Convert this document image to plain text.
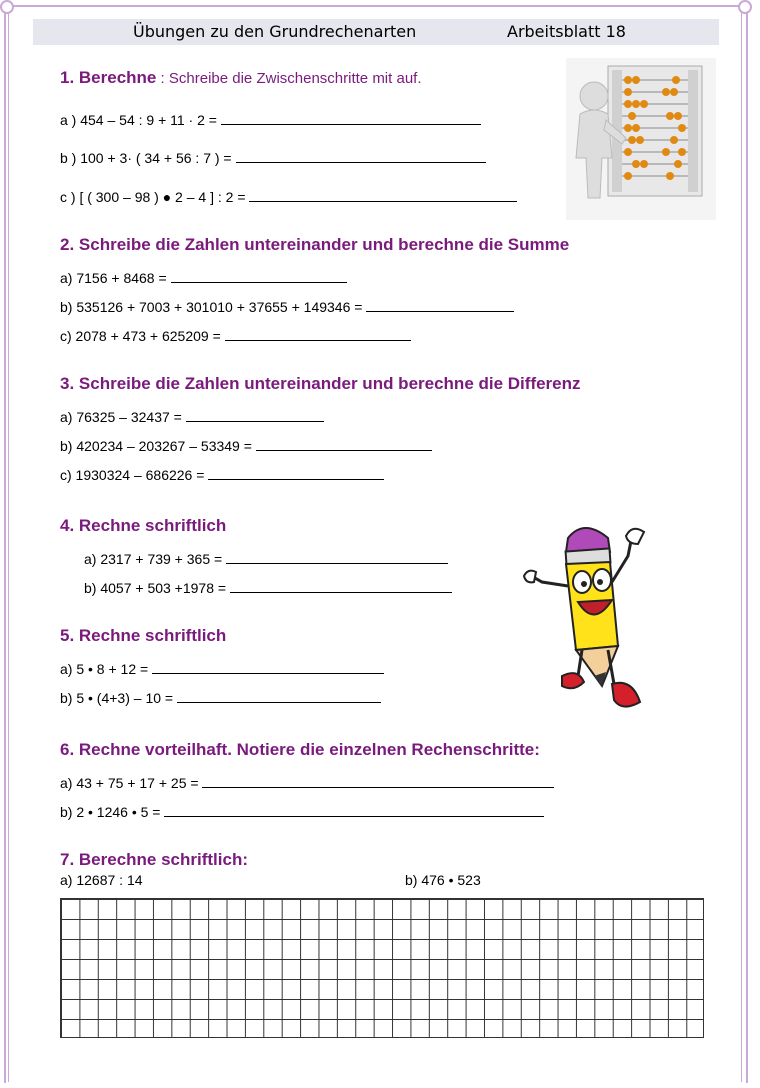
Übungen zu den Grundrechenarten	Arbeitsblatt 18
1. Berechne : Schreibe die Zwischenschritte mit auf.
a ) 454 – 54 : 9 + 11 · 2 =
b ) 100 + 3· ( 34 + 56 : 7 ) =
c ) [ ( 300 – 98 ) ● 2 – 4 ] : 2 =
2. Schreibe die Zahlen untereinander und berechne die Summe
a) 7156 + 8468 =
b) 535126 + 7003 + 301010 + 37655 + 149346 =
c) 2078 + 473 + 625209 =
3. Schreibe die Zahlen untereinander und berechne die Differenz
a) 76325 – 32437 =
b) 420234 – 203267 – 53349 =
c) 1930324 – 686226 =
4. Rechne schriftlich
a) 2317 + 739 + 365 =
b) 4057 + 503 +1978 =
5. Rechne schriftlich
a) 5 • 8 + 12 =
b) 5 • (4+3) – 10 =
6. Rechne vorteilhaft. Notiere die einzelnen Rechenschritte:
a) 43 + 75 + 17 + 25 =
b) 2 • 1246 • 5 =
7. Berechne schriftlich:
a) 12687 : 14	b) 476 • 523
